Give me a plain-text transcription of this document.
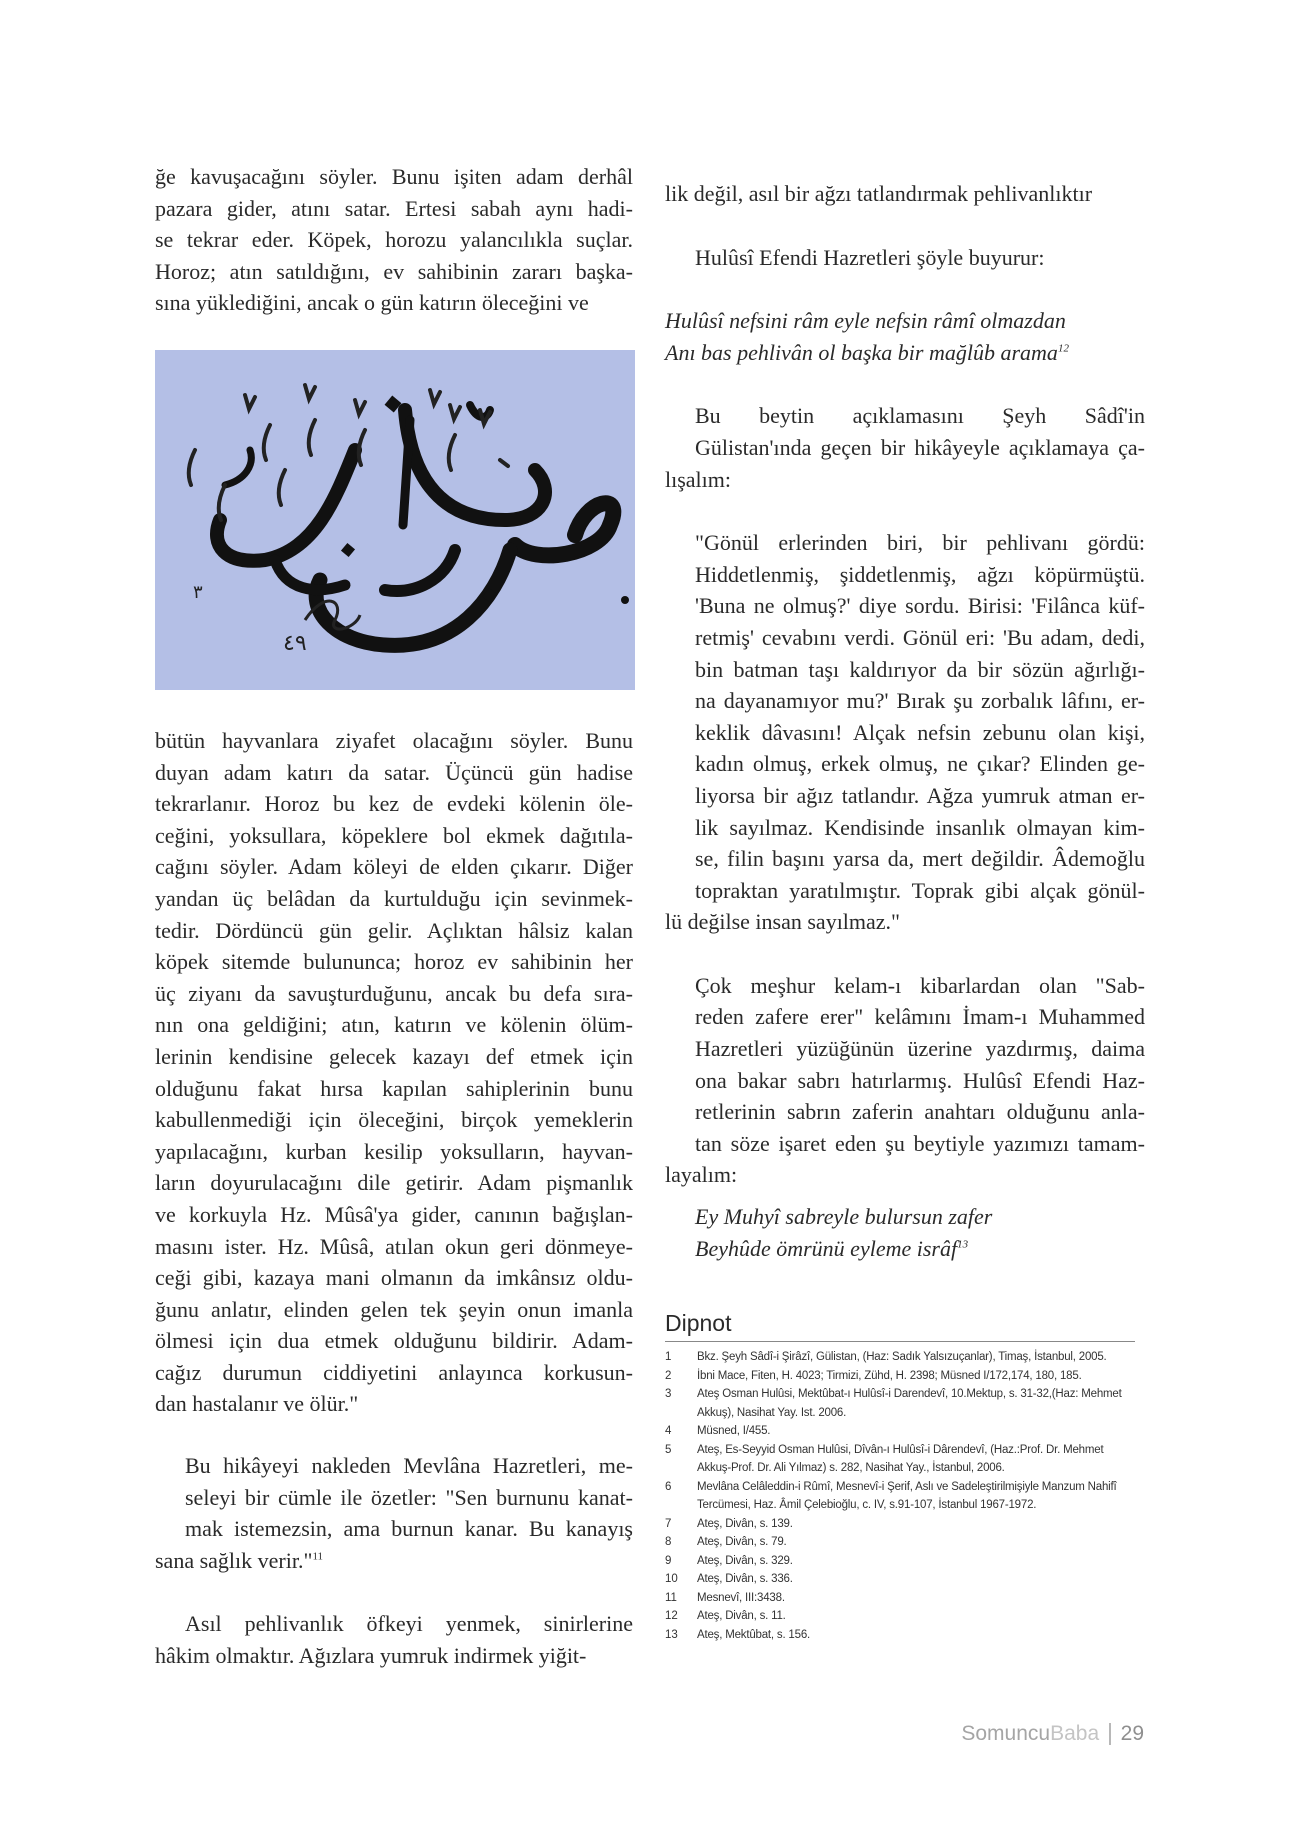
ğe kavuşacağını söyler. Bunu işiten adam derhâl
pazara gider, atını satar. Ertesi sabah aynı hadi-
se tekrar eder. Köpek, horozu yalancılıkla suçlar.
Horoz; atın satıldığını, ev sahibinin zararı başka-
sına yüklediğini, ancak o gün katırın öleceğini ve

٤٩
٣

bütün hayvanlara ziyafet olacağını söyler. Bunu
duyan adam katırı da satar. Üçüncü gün hadise
tekrarlanır. Horoz bu kez de evdeki kölenin öle-
ceğini, yoksullara, köpeklere bol ekmek dağıtıla-
cağını söyler. Adam köleyi de elden çıkarır. Diğer
yandan üç belâdan da kurtulduğu için sevinmek-
tedir. Dördüncü gün gelir. Açlıktan hâlsiz kalan
köpek sitemde bulununca; horoz ev sahibinin her
üç ziyanı da savuşturduğunu, ancak bu defa sıra-
nın ona geldiğini; atın, katırın ve kölenin ölüm-
lerinin kendisine gelecek kazayı def etmek için
olduğunu fakat hırsa kapılan sahiplerinin bunu
kabullenmediği için öleceğini, birçok yemeklerin
yapılacağını, kurban kesilip yoksulların, hayvan-
ların doyurulacağını dile getirir. Adam pişmanlık
ve korkuyla Hz. Mûsâ'ya gider, canının bağışlan-
masını ister. Hz. Mûsâ, atılan okun geri dönmeye-
ceği gibi, kazaya mani olmanın da imkânsız oldu-
ğunu anlatır, elinden gelen tek şeyin onun imanla
ölmesi için dua etmek olduğunu bildirir. Adam-
cağız durumun ciddiyetini anlayınca korkusun-
dan hastalanır ve ölür."

Bu hikâyeyi nakleden Mevlâna Hazretleri, me-
seleyi bir cümle ile özetler: "Sen burnunu kanat-
mak istemezsin, ama burnun kanar. Bu kanayış
sana sağlık verir."$^{11}$

Asıl pehlivanlık öfkeyi yenmek, sinirlerine
hâkim olmaktır. Ağızlara yumruk indirmek yiğit-

lik değil, asıl bir ağzı tatlandırmak pehlivanlıktır

Hulûsî Efendi Hazretleri şöyle buyurur:

Hulûsî nefsini râm eyle nefsin râmî olmazdan
Anı bas pehlivân ol başka bir mağlûb arama$^{12}$

Bu beytin açıklamasını Şeyh Sâdî'in
Gülistan'ında geçen bir hikâyeyle açıklamaya ça-
lışalım:

"Gönül erlerinden biri, bir pehlivanı gördü:
Hiddetlenmiş, şiddetlenmiş, ağzı köpürmüştü.
'Buna ne olmuş?' diye sordu. Birisi: 'Filânca küf-
retmiş' cevabını verdi. Gönül eri: 'Bu adam, dedi,
bin batman taşı kaldırıyor da bir sözün ağırlığı-
na dayanamıyor mu?' Bırak şu zorbalık lâfını, er-
keklik dâvasını! Alçak nefsin zebunu olan kişi,
kadın olmuş, erkek olmuş, ne çıkar? Elinden ge-
liyorsa bir ağız tatlandır. Ağza yumruk atman er-
lik sayılmaz. Kendisinde insanlık olmayan kim-
se, filin başını yarsa da, mert değildir. Âdemoğlu
topraktan yaratılmıştır. Toprak gibi alçak gönül-
lü değilse insan sayılmaz."

Çok meşhur kelam-ı kibarlardan olan "Sab-
reden zafere erer" kelâmını İmam-ı Muhammed
Hazretleri yüzüğünün üzerine yazdırmış, daima
ona bakar sabrı hatırlarmış. Hulûsî Efendi Haz-
retlerinin sabrın zaferin anahtarı olduğunu anla-
tan söze işaret eden şu beytiyle yazımızı tamam-
layalım:

Ey Muhyî sabreyle bulursun zafer
Beyhûde ömrünü eyleme isrâf$^{13}$

Dipnot
1	Bkz. Şeyh Sâdî-i Şirâzî, Gülistan, (Haz: Sadık Yalsızuçanlar), Timaş, İstanbul, 2005.
2	İbni Mace, Fiten, H. 4023; Tirmizi, Zühd, H. 2398; Müsned I/172,174, 180, 185.
3	Ateş Osman Hulûsi, Mektûbat-ı Hulûsî-i Darendevî, 10.Mektup, s. 31-32,(Haz: Mehmet Akkuş), Nasihat Yay. Ist. 2006.
4	Müsned, I/455.
5	Ateş, Es-Seyyid Osman Hulûsi, Dîvân-ı Hulûsî-i Dârendevî, (Haz.:Prof. Dr. Mehmet Akkuş-Prof. Dr. Ali Yılmaz) s. 282, Nasihat Yay., İstanbul, 2006.
6	Mevlâna Celâleddin-i Rûmî, Mesnevî-i Şerif, Aslı ve Sadeleştirilmişiyle Manzum Nahifî Tercümesi, Haz. Âmil Çelebioğlu, c. IV, s.91-107, İstanbul 1967-1972.
7	Ateş, Divân, s. 139.
8	Ateş, Divân, s. 79.
9	Ateş, Divân, s. 329.
10	Ateş, Divân, s. 336.
11	Mesnevî, III:3438.
12	Ateş, Divân, s. 11.
13	Ateş, Mektûbat, s. 156.
Somuncu Baba 29
